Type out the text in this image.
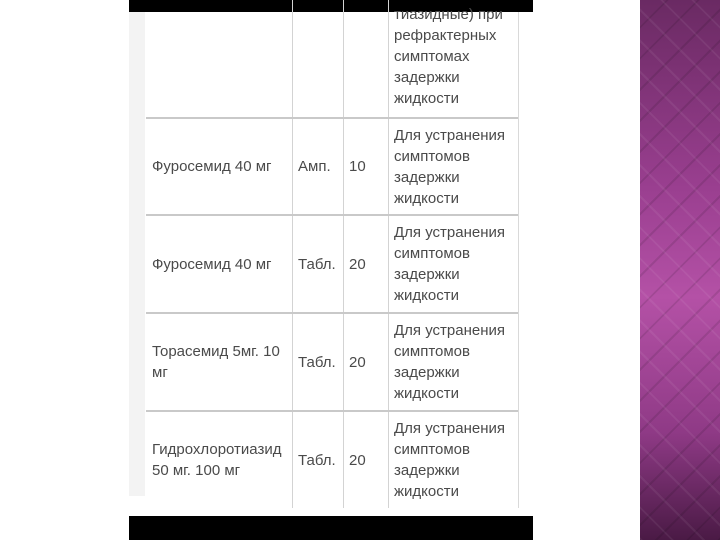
тиазидные) при
рефрактерных
симптомах
задержки
жидкости
Фуросемид 40 мг Амп. 10
Для устранения
симптомов
задержки
жидкости
Фуросемид 40 мг Табл. 20
Для устранения
симптомов
задержки
жидкости
Торасемид 5мг. 10
мг
Табл. 20
Для устранения
симптомов
задержки
жидкости
Гидрохлоротиазид
50 мг. 100 мг
Табл. 20
Для устранения
симптомов
задержки
жидкости
